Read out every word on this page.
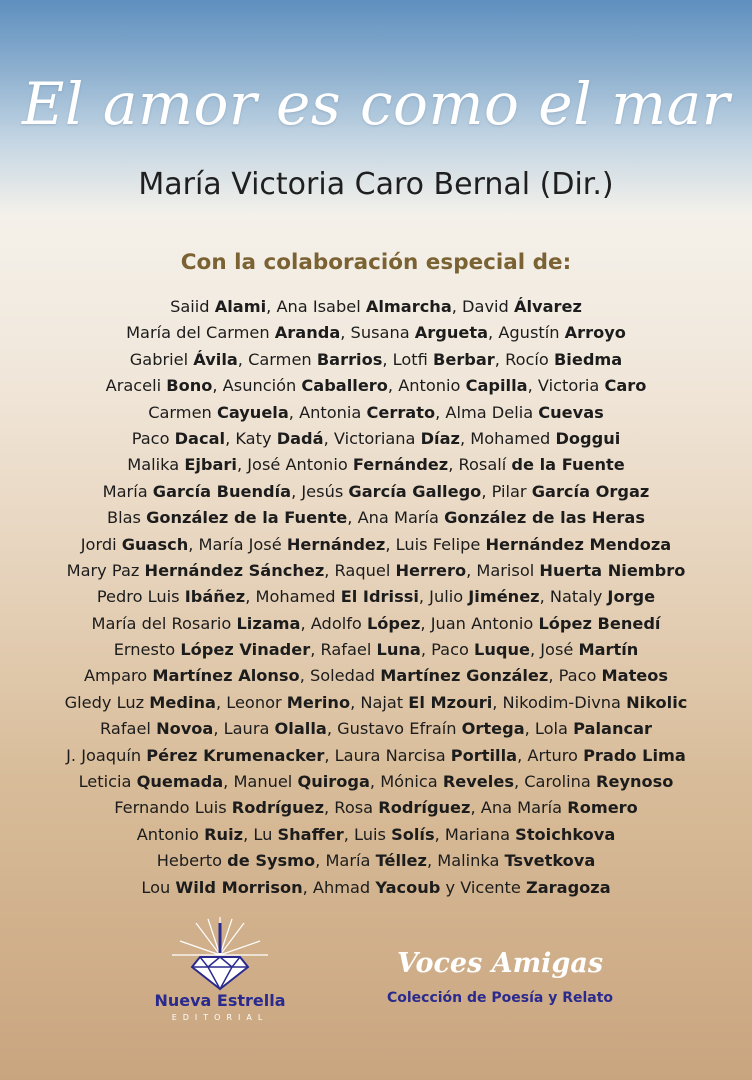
El amor es como el mar
María Victoria Caro Bernal (Dir.)
Con la colaboración especial de:
Saiid Alami, Ana Isabel Almarcha, David Álvarez
María del Carmen Aranda, Susana Argueta, Agustín Arroyo
Gabriel Ávila, Carmen Barrios, Lotfi Berbar, Rocío Biedma
Araceli Bono, Asunción Caballero, Antonio Capilla, Victoria Caro
Carmen Cayuela, Antonia Cerrato, Alma Delia Cuevas
Paco Dacal, Katy Dadá, Victoriana Díaz, Mohamed Doggui
Malika Ejbari, José Antonio Fernández, Rosalí de la Fuente
María García Buendía, Jesús García Gallego, Pilar García Orgaz
Blas González de la Fuente, Ana María González de las Heras
Jordi Guasch, María José Hernández, Luis Felipe Hernández Mendoza
Mary Paz Hernández Sánchez, Raquel Herrero, Marisol Huerta Niembro
Pedro Luis Ibáñez, Mohamed El Idrissi, Julio Jiménez, Nataly Jorge
María del Rosario Lizama, Adolfo López, Juan Antonio López Benedí
Ernesto López Vinader, Rafael Luna, Paco Luque, José Martín
Amparo Martínez Alonso, Soledad Martínez González, Paco Mateos
Gledy Luz Medina, Leonor Merino, Najat El Mzouri, Nikodim-Divna Nikolic
Rafael Novoa, Laura Olalla, Gustavo Efraín Ortega, Lola Palancar
J. Joaquín Pérez Krumenacker, Laura Narcisa Portilla, Arturo Prado Lima
Leticia Quemada, Manuel Quiroga, Mónica Reveles, Carolina Reynoso
Fernando Luis Rodríguez, Rosa Rodríguez, Ana María Romero
Antonio Ruiz, Lu Shaffer, Luis Solís, Mariana Stoichkova
Heberto de Sysmo, María Téllez, Malinka Tsvetkova
Lou Wild Morrison, Ahmad Yacoub y Vicente Zaragoza
Nueva Estrella
EDITORIAL
Voces Amigas
Colección de Poesía y Relato
